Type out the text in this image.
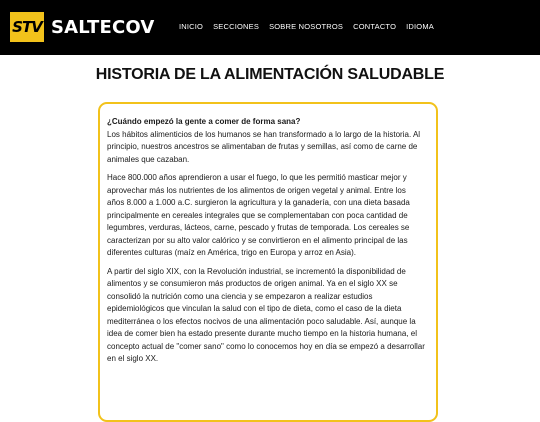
STV SALTECOV	INICIO SECCIONES SOBRE NOSOTROS CONTACTO IDIOMA
HISTORIA DE LA ALIMENTACIÓN SALUDABLE

¿Cuándo empezó la gente a comer de forma sana?

Los hábitos alimenticios de los humanos se han transformado a lo largo de la historia. Al principio, nuestros ancestros se alimentaban de frutas y semillas, así como de carne de animales que cazaban.

Hace 800.000 años aprendieron a usar el fuego, lo que les permitió masticar mejor y aprovechar más los nutrientes de los alimentos de origen vegetal y animal. Entre los años 8.000 a 1.000 a.C. surgieron la agricultura y la ganadería, con una dieta basada principalmente en cereales integrales que se complementaban con poca cantidad de legumbres, verduras, lácteos, carne, pescado y frutas de temporada. Los cereales se caracterizan por su alto valor calórico y se convirtieron en el alimento principal de las diferentes culturas (maíz en América, trigo en Europa y arroz en Asia).

A partir del siglo XIX, con la Revolución industrial, se incrementó la disponibilidad de alimentos y se consumieron más productos de origen animal. Ya en el siglo XX se consolidó la nutrición como una ciencia y se empezaron a realizar estudios epidemiológicos que vinculan la salud con el tipo de dieta, como el caso de la dieta mediterránea o los efectos nocivos de una alimentación poco saludable. Así, aunque la idea de comer bien ha estado presente durante mucho tiempo en la historia humana, el concepto actual de "comer sano" como lo conocemos hoy en día se empezó a desarrollar en el siglo XX.
